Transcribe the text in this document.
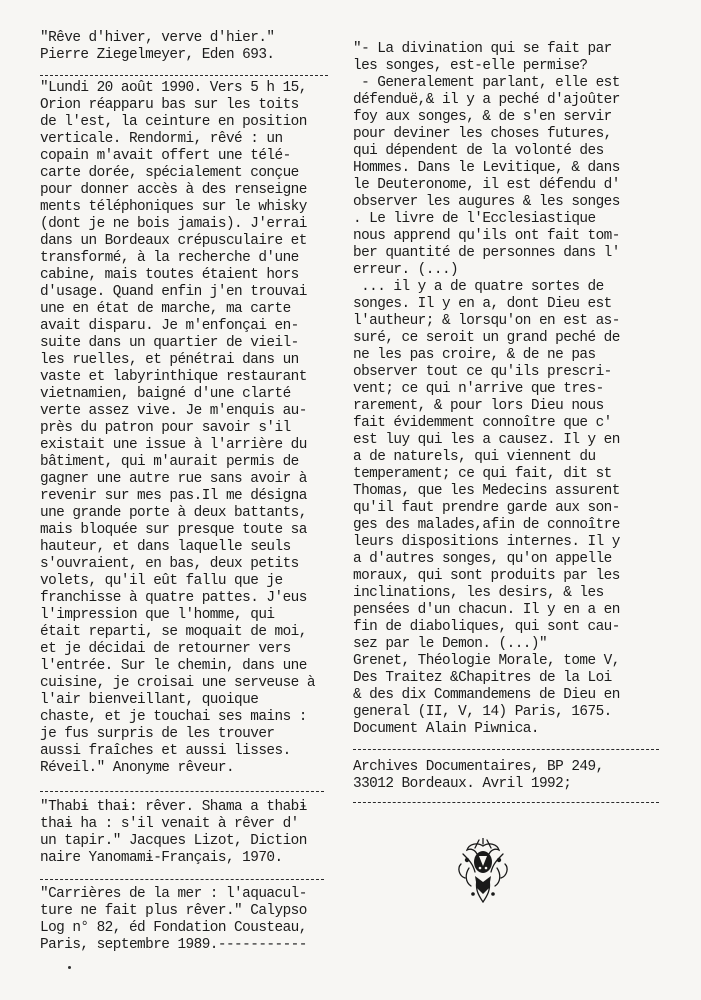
"Rêve d'hiver, verve d'hier."
Pierre Ziegelmeyer, Eden 693.
"Lundi 20 août 1990. Vers 5 h 15,
Orion réapparu bas sur les toits
de l'est, la ceinture en position
verticale. Rendormi, rêvé : un
copain m'avait offert une télé-
carte dorée, spécialement conçue
pour donner accès à des renseigne
ments téléphoniques sur le whisky
(dont je ne bois jamais). J'errai
dans un Bordeaux crépusculaire et
transformé, à la recherche d'une
cabine, mais toutes étaient hors
d'usage. Quand enfin j'en trouvai
une en état de marche, ma carte
avait disparu. Je m'enfonçai en-
suite dans un quartier de vieil-
les ruelles, et pénétrai dans un
vaste et labyrinthique restaurant
vietnamien, baigné d'une clarté
verte assez vive. Je m'enquis au-
près du patron pour savoir s'il
existait une issue à l'arrière du
bâtiment, qui m'aurait permis de
gagner une autre rue sans avoir à
revenir sur mes pas.Il me désigna
une grande porte à deux battants,
mais bloquée sur presque toute sa
hauteur, et dans laquelle seuls
s'ouvraient, en bas, deux petits
volets, qu'il eût fallu que je
franchisse à quatre pattes. J'eus
l'impression que l'homme, qui
était reparti, se moquait de moi,
et je décidai de retourner vers
l'entrée. Sur le chemin, dans une
cuisine, je croisai une serveuse à
l'air bienveillant, quoique
chaste, et je touchai ses mains :
je fus surpris de les trouver
aussi fraîches et aussi lisses.
Réveil." Anonyme rêveur.
"Thabɨ thaɨ: rêver. Shama a thabɨ
thaɨ ha : s'il venait à rêver d'
un tapir." Jacques Lizot, Diction
naire Yanomamɨ-Français, 1970.
"Carrières de la mer : l'aquacul-
ture ne fait plus rêver." Calypso
Log n° 82, éd Fondation Cousteau,
Paris, septembre 1989.-----------
"- La divination qui se fait par
les songes, est-elle permise?
- Generalement parlant, elle est
défenduë,& il y a peché d'ajoûter
foy aux songes, & de s'en servir
pour deviner les choses futures,
qui dépendent de la volonté des
Hommes. Dans le Levitique, & dans
le Deuteronome, il est défendu d'
observer les augures & les songes
. Le livre de l'Ecclesiastique
nous apprend qu'ils ont fait tom-
ber quantité de personnes dans l'
erreur. (...)
... il y a de quatre sortes de
songes. Il y en a, dont Dieu est
l'autheur; & lorsqu'on en est as-
suré, ce seroit un grand peché de
ne les pas croire, & de ne pas
observer tout ce qu'ils prescri-
vent; ce qui n'arrive que tres-
rarement, & pour lors Dieu nous
fait évidemment connoître que c'
est luy qui les a causez. Il y en
a de naturels, qui viennent du
temperament; ce qui fait, dit st
Thomas, que les Medecins assurent
qu'il faut prendre garde aux son-
ges des malades,afin de connoître
leurs dispositions internes. Il y
a d'autres songes, qu'on appelle
moraux, qui sont produits par les
inclinations, les desirs, & les
pensées d'un chacun. Il y en a en
fin de diaboliques, qui sont cau-
sez par le Demon. (...)"
Grenet, Théologie Morale, tome V,
Des Traitez &Chapitres de la Loi
& des dix Commandemens de Dieu en
general (II, V, 14) Paris, 1675.
Document Alain Piwnica.
Archives Documentaires, BP 249,
33012 Bordeaux. Avril 1992;
